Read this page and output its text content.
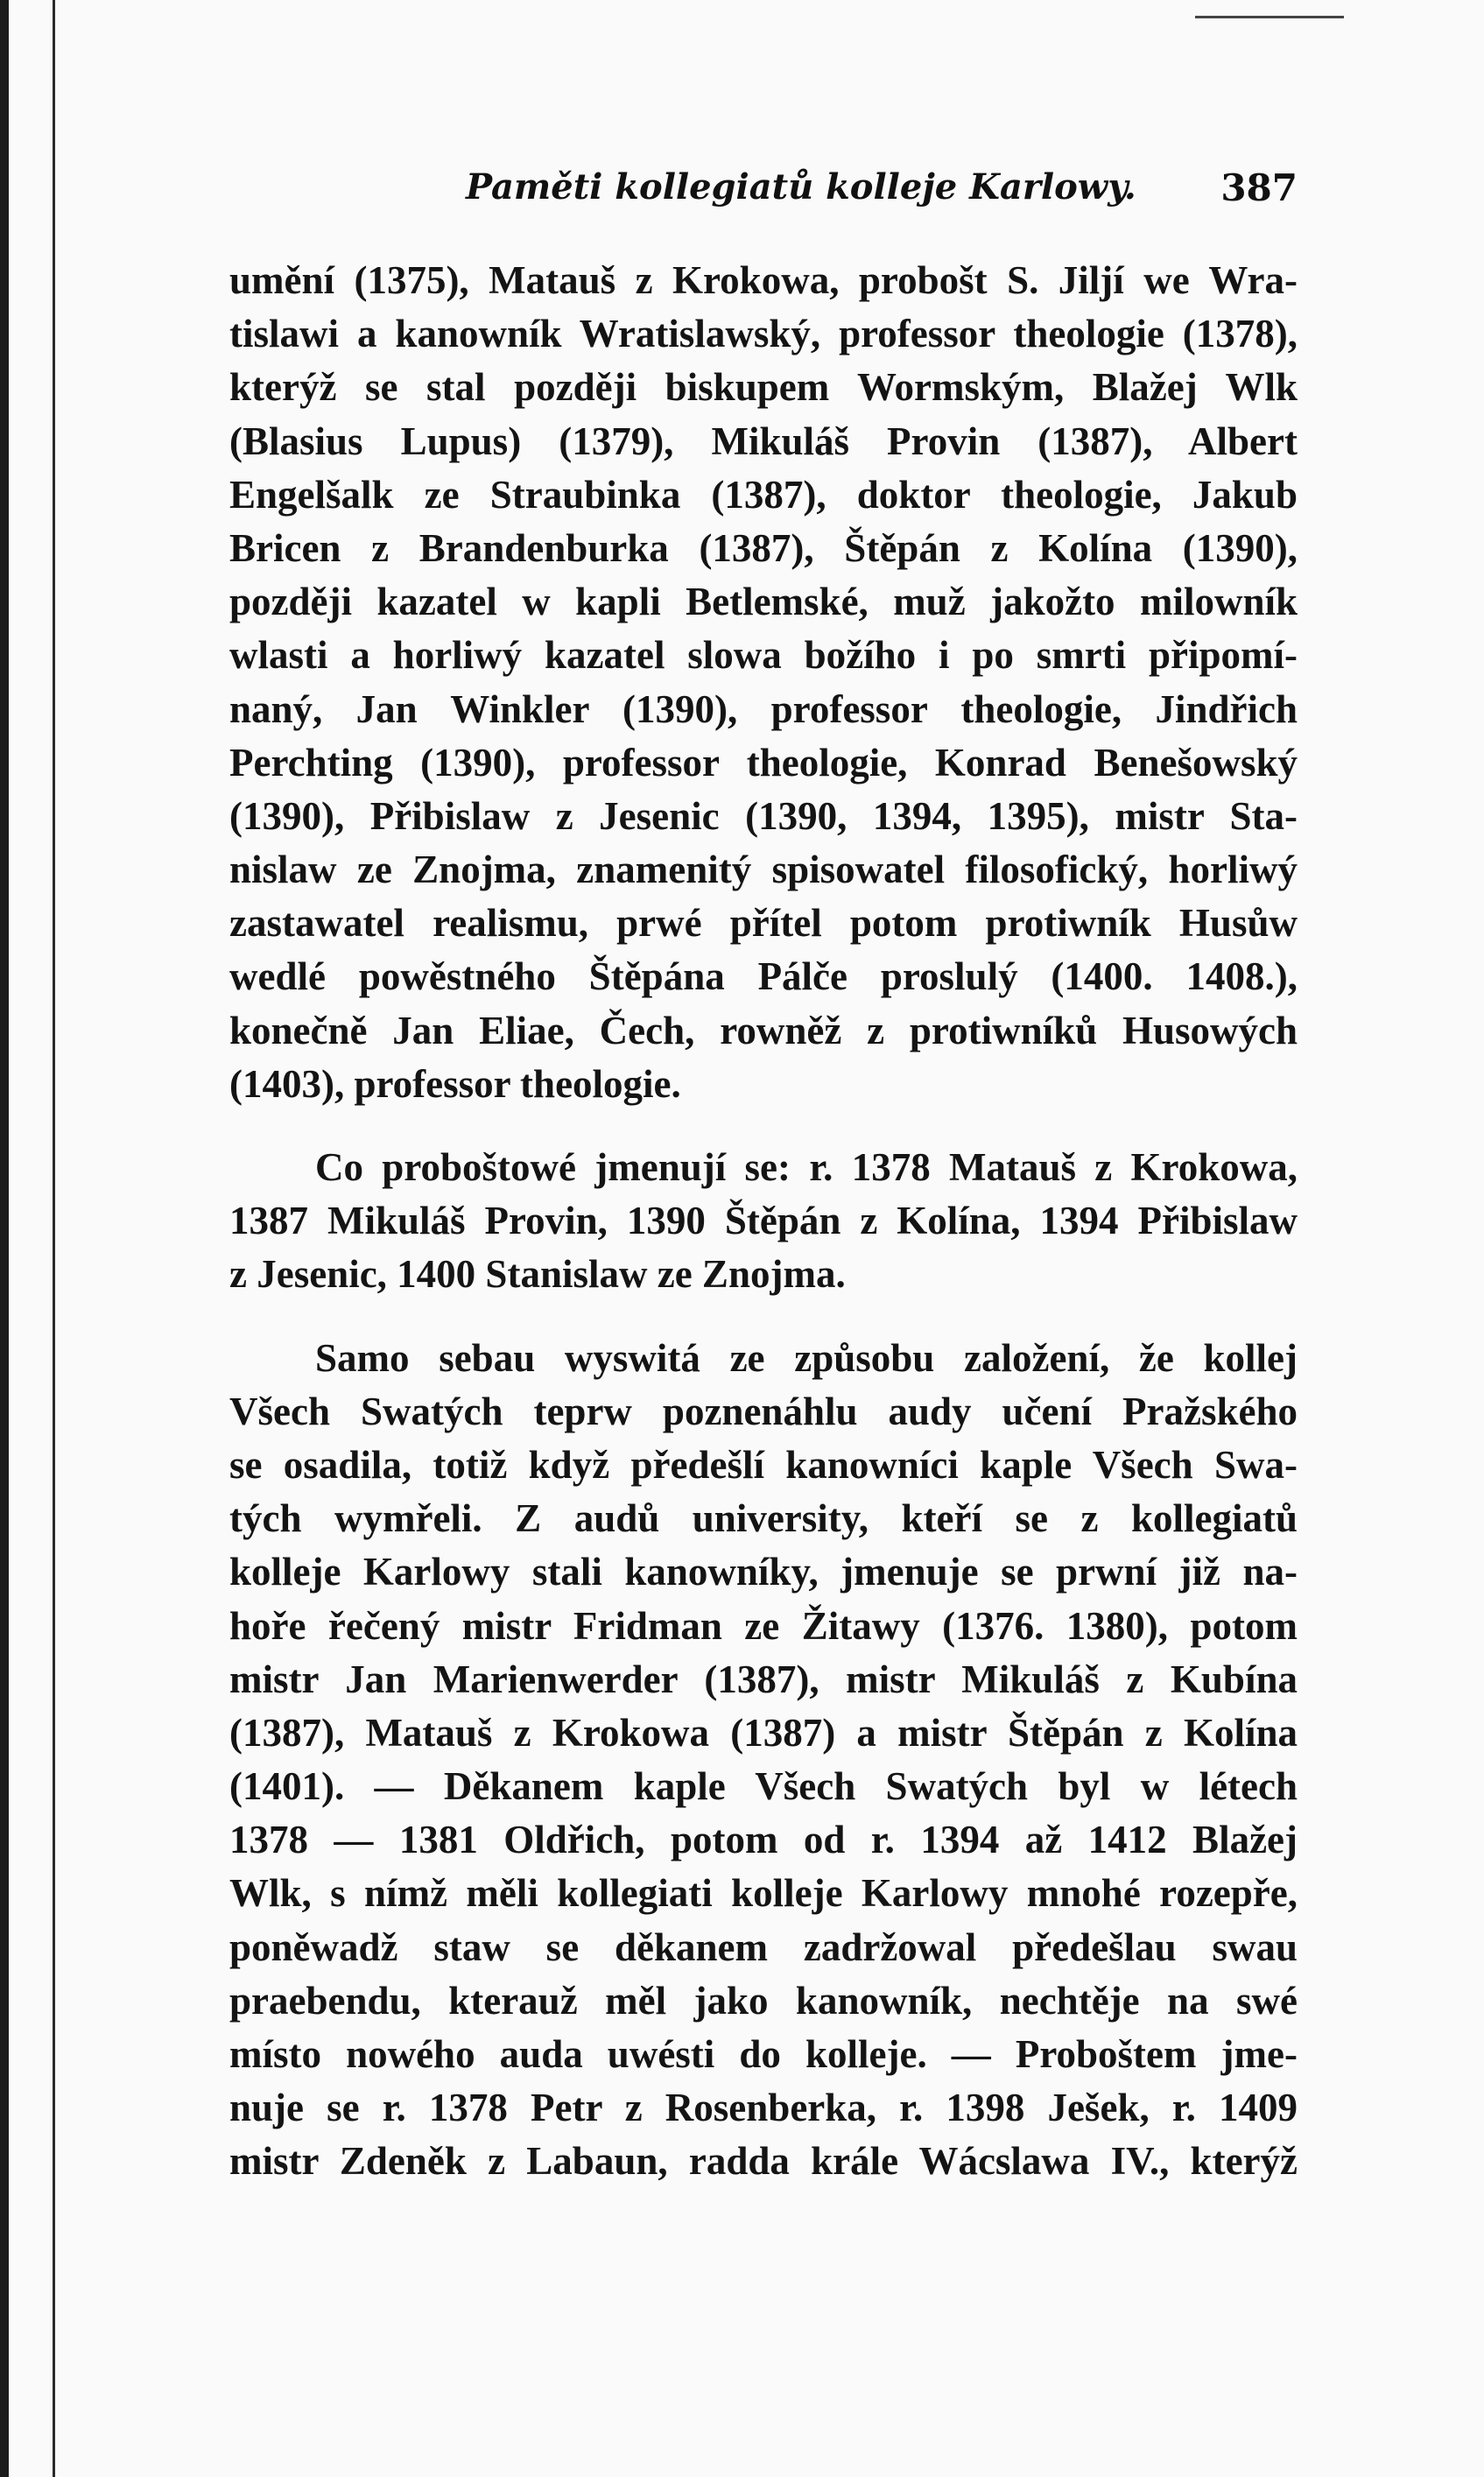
Paměti kollegiatů kolleje Karlowy. 387

umění (1375), Matauš z Krokowa, probošt S. Jiljí we Wra-
tislawi a kanowník Wratislawský, professor theologie (1378),
kterýž se stal později biskupem Wormským, Blažej Wlk
(Blasius Lupus) (1379), Mikuláš Provin (1387), Albert
Engelšalk ze Straubinka (1387), doktor theologie, Jakub
Bricen z Brandenburka (1387), Štěpán z Kolína (1390),
později kazatel w kapli Betlemské, muž jakožto milowník
wlasti a horliwý kazatel slowa božího i po smrti připomí-
naný, Jan Winkler (1390), professor theologie, Jindřich
Perchting (1390), professor theologie, Konrad Benešowský
(1390), Přibislaw z Jesenic (1390, 1394, 1395), mistr Sta-
nislaw ze Znojma, znamenitý spisowatel filosofický, horliwý
zastawatel realismu, prwé přítel potom protiwník Husůw
wedlé powěstného Štěpána Pálče proslulý (1400. 1408.),
konečně Jan Eliae, Čech, rowněž z protiwníků Husowých
(1403), professor theologie.

Co proboštowé jmenují se: r. 1378 Matauš z Krokowa,
1387 Mikuláš Provin, 1390 Štěpán z Kolína, 1394 Přibislaw
z Jesenic, 1400 Stanislaw ze Znojma.

Samo sebau wyswitá ze způsobu založení, že kollej
Všech Swatých teprw poznenáhlu audy učení Pražského
se osadila, totiž když předešlí kanowníci kaple Všech Swa-
tých wymřeli. Z audů university, kteří se z kollegiatů
kolleje Karlowy stali kanowníky, jmenuje se prwní již na-
hoře řečený mistr Fridman ze Žitawy (1376. 1380), potom
mistr Jan Marienwerder (1387), mistr Mikuláš z Kubína
(1387), Matauš z Krokowa (1387) a mistr Štěpán z Kolína
(1401). — Děkanem kaple Všech Swatých byl w létech
1378 — 1381 Oldřich, potom od r. 1394 až 1412 Blažej
Wlk, s nímž měli kollegiati kolleje Karlowy mnohé rozepře,
poněwadž staw se děkanem zadržowal předešlau swau
praebendu, kterauž měl jako kanowník, nechtěje na swé
místo nowého auda uwésti do kolleje. — Proboštem jme-
nuje se r. 1378 Petr z Rosenberka, r. 1398 Ješek, r. 1409
mistr Zdeněk z Labaun, radda krále Wácslawa IV., kterýž
